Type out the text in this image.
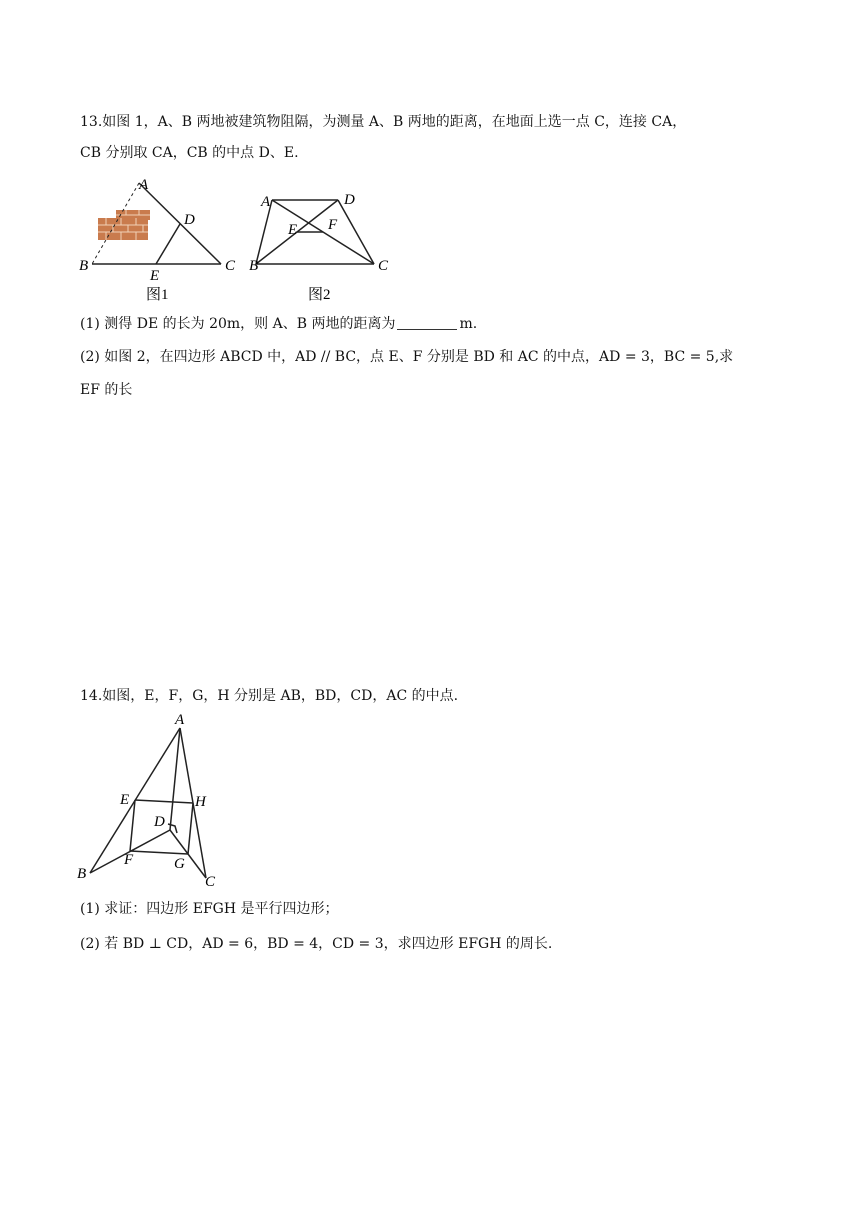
13.如图 1，A、B 两地被建筑物阻隔，为测量 A、B 两地的距离，在地面上选一点 C，连接 CA，
CB 分别取 CA，CB 的中点 D、E.
A
B	C
D
E
图1
A	D
E F
B	C
图2
(1) 测得 DE 的长为 20m，则 A、B 两地的距离为	m.
(2) 如图 2，在四边形 ABCD 中，AD // BC，点 E、F 分别是 BD 和 AC 的中点，AD = 3，BC = 5,求
EF 的长
14.如图，E，F，G，H 分别是 AB，BD，CD，AC 的中点.
A
E	H
D
F	G
B	C
(1) 求证：四边形 EFGH 是平行四边形；
(2) 若 BD ⊥ CD，AD = 6，BD = 4，CD = 3，求四边形 EFGH 的周长.
